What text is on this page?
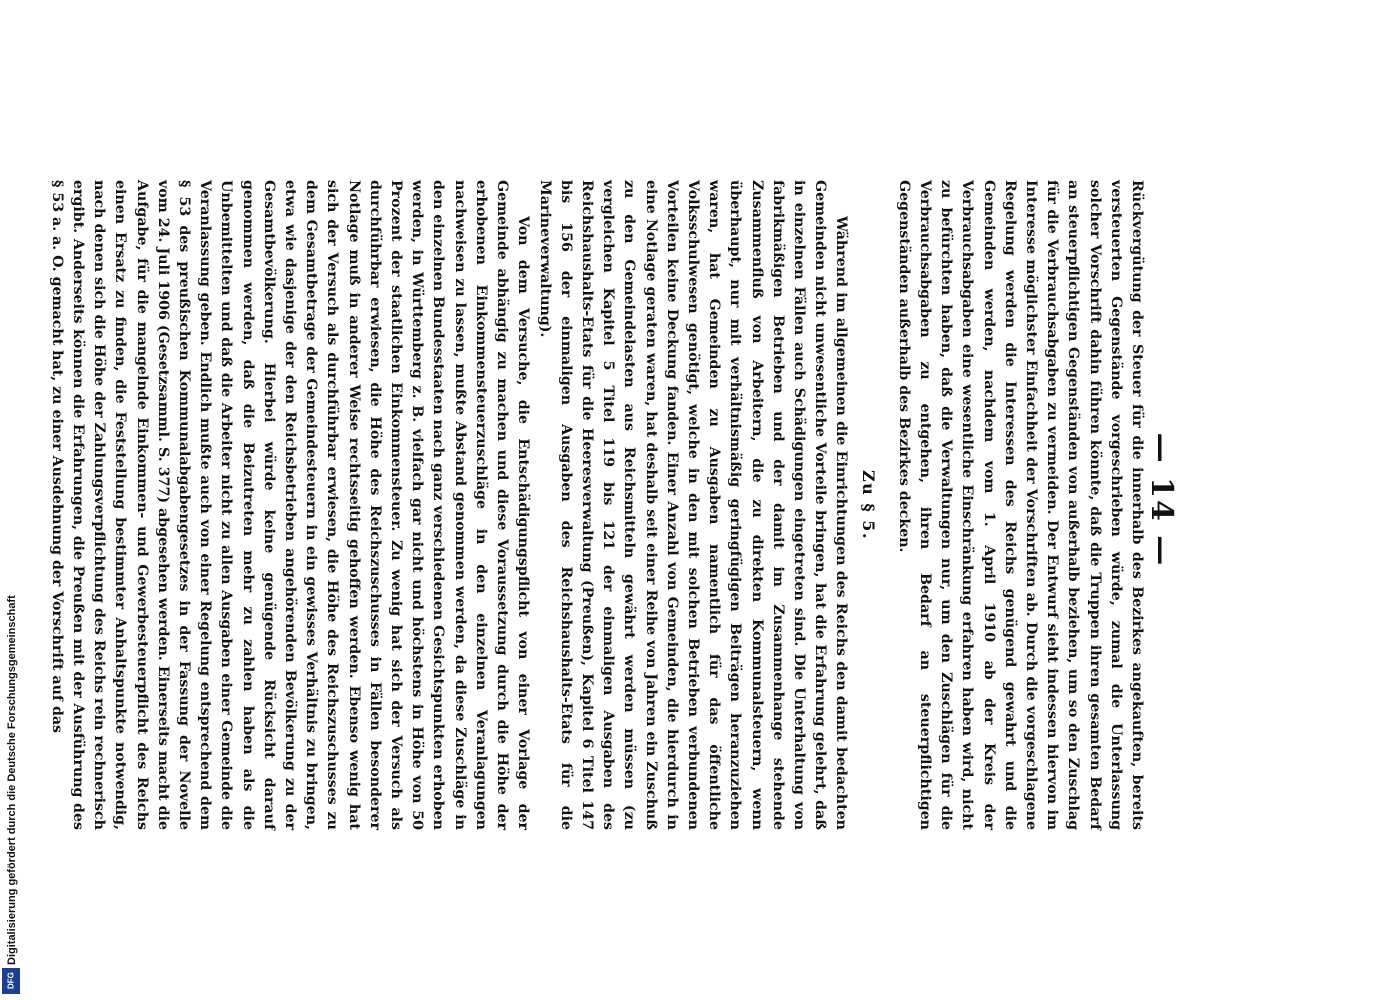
Digitalisierung gefördert durch die Deutsche Forschungsgemeinschaft
DFG
— 14 —

Rückvergütung der Steuer für die innerhalb des Bezirkes angekauften, bereits versteuerten Gegenstände vorgeschrieben würde, zumal die Unterlassung solcher Vorschrift dahin führen könnte, daß die Truppen ihren gesamten Bedarf an steuerpflichtigen Gegenständen von außerhalb beziehen, um so den Zuschlag für die Verbrauchsabgaben zu vermeiden. Der Entwurf sieht indessen hiervon im Interesse möglichster Einfachheit der Vorschriften ab. Durch die vorgeschlagene Regelung werden die Interessen des Reichs genügend gewahrt und die Gemeinden werden, nachdem vom 1. April 1910 ab der Kreis der Verbrauchsabgaben eine wesentliche Einschränkung erfahren haben wird, nicht zu befürchten haben, daß die Verwaltungen nur, um den Zuschlägen für die Verbrauchsabgaben zu entgehen, ihren Bedarf an steuerpflichtigen Gegenständen außerhalb des Bezirkes decken.

Zu § 5.

Während im allgemeinen die Einrichtungen des Reichs den damit bedachten Gemeinden nicht unwesentliche Vorteile bringen, hat die Erfahrung gelehrt, daß in einzelnen Fällen auch Schädigungen eingetreten sind. Die Unterhaltung von fabrikmäßigen Betrieben und der damit im Zusammenhange stehende Zusammenfluß von Arbeitern, die zu direkten Kommunalsteuern, wenn überhaupt, nur mit verhältnismäßig geringfügigen Beiträgen heranzuziehen waren, hat Gemeinden zu Ausgaben namentlich für das öffentliche Volksschulwesen genötigt, welche in den mit solchen Betrieben verbundenen Vorteilen keine Deckung fanden. Einer Anzahl von Gemeinden, die hierdurch in eine Notlage geraten waren, hat deshalb seit einer Reihe von Jahren ein Zuschuß zu den Gemeindelasten aus Reichsmitteln gewährt werden müssen (zu vergleichen Kapitel 5 Titel 119 bis 121 der einmaligen Ausgaben des Reichshaushalts-Etats für die Heeresverwaltung (Preußen), Kapitel 6 Titel 147 bis 156 der einmaligen Ausgaben des Reichshaushalts-Etats für die Marineverwaltung).

Von dem Versuche, die Entschädigungspflicht von einer Vorlage der Gemeinde abhängig zu machen und diese Voraussetzung durch die Höhe der erhobenen Einkommensteuerzuschläge in den einzelnen Veranlagungen nachweisen zu lassen, mußte Abstand genommen werden, da diese Zuschläge in den einzelnen Bundesstaaten nach ganz verschiedenen Gesichtspunkten erhoben werden, in Württemberg z. B. vielfach gar nicht und höchstens in Höhe von 50 Prozent der staatlichen Einkommensteuer. Zu wenig hat sich der Versuch als durchführbar erwiesen, die Höhe des Reichszuschusses in Fällen besonderer Notlage muß in anderer Weise rechtsseitig gehoffen werden. Ebenso wenig hat sich der Versuch als durchführbar erwiesen, die Höhe des Reichszuschusses zu dem Gesamtbetrage der Gemeindesteuern in ein gewisses Verhältnis zu bringen, etwa wie dasjenige der den Reichsbetrieben angehörenden Bevölkerung zu der Gesamtbevölkerung. Hierbei würde keine genügende Rücksicht darauf genommen werden, daß die Beizutreten mehr zu zahlen haben als die Unbemittelten und daß die Arbeiter nicht zu allen Ausgaben einer Gemeinde die Veranlassung geben. Endlich mußte auch von einer Regelung entsprechend dem § 53 des preußischen Kommunalabgabengesetzes in der Fassung der Novelle vom 24. Juli 1906 (Gesetzsamml. S. 377) abgesehen werden. Einerseits macht die Aufgabe, für die mangelnde Einkommen- und Gewerbesteuerpflicht des Reichs einen Ersatz zu finden, die Feststellung bestimmter Anhaltspunkte notwendig, nach denen sich die Höhe der Zahlungsverpflichtung des Reichs rein rechnerisch ergibt. Anderseits können die Erfahrungen, die Preußen mit der Ausführung des § 53 a. a. O. gemacht hat, zu einer Ausdehnung der Vorschrift auf das
